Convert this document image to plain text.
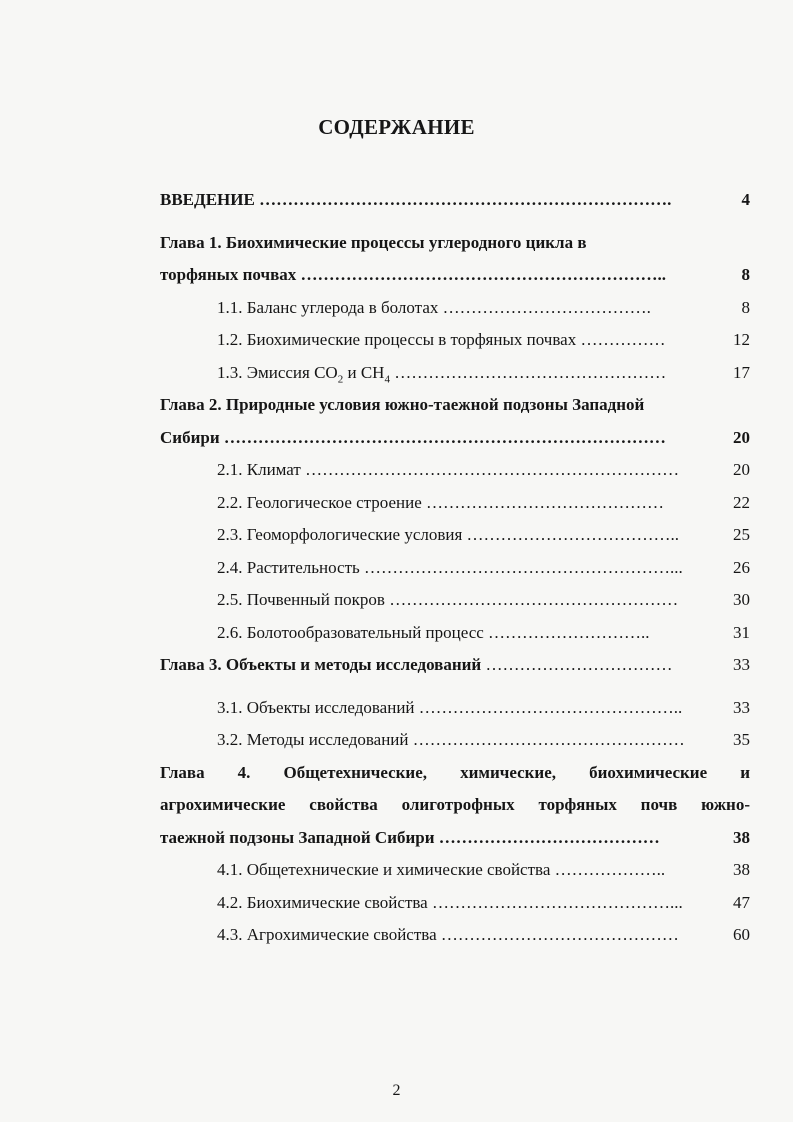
СОДЕРЖАНИЕ
ВВЕДЕНИЕ ……………………………………………………………….	4
Глава 1. Биохимические процессы углеродного цикла в
торфяных почвах ………………………………………………………..	8
1.1. Баланс углерода в болотах ……………………………….	8
1.2. Биохимические процессы в торфяных почвах ……………	12
1.3. Эмиссия $CO_2$ и $CH_4$ …………………………………………	17
Глава 2. Природные условия южно-таежной подзоны Западной
Сибири ……………………………………………………………………	20
2.1. Климат …………………………………………………………	20
2.2. Геологическое строение ……………………………………	22
2.3. Геоморфологические условия ………………………………..	25
2.4. Растительность ………………………………………………...	26
2.5. Почвенный покров ……………………………………………	30
2.6. Болотообразовательный процесс ………………………..	31
Глава 3. Объекты и методы исследований ……………………………	33
3.1. Объекты исследований ………………………………………..	33
3.2. Методы исследований …………………………………………	35
Глава 4. Общетехнические, химические, биохимические и
агрохимические свойства олиготрофных торфяных почв южно-
таежной подзоны Западной Сибири …………………………………	38
4.1. Общетехнические и химические свойства ………………..	38
4.2. Биохимические свойства ……………………………………...	47
4.3. Агрохимические свойства ……………………………………	60
2
